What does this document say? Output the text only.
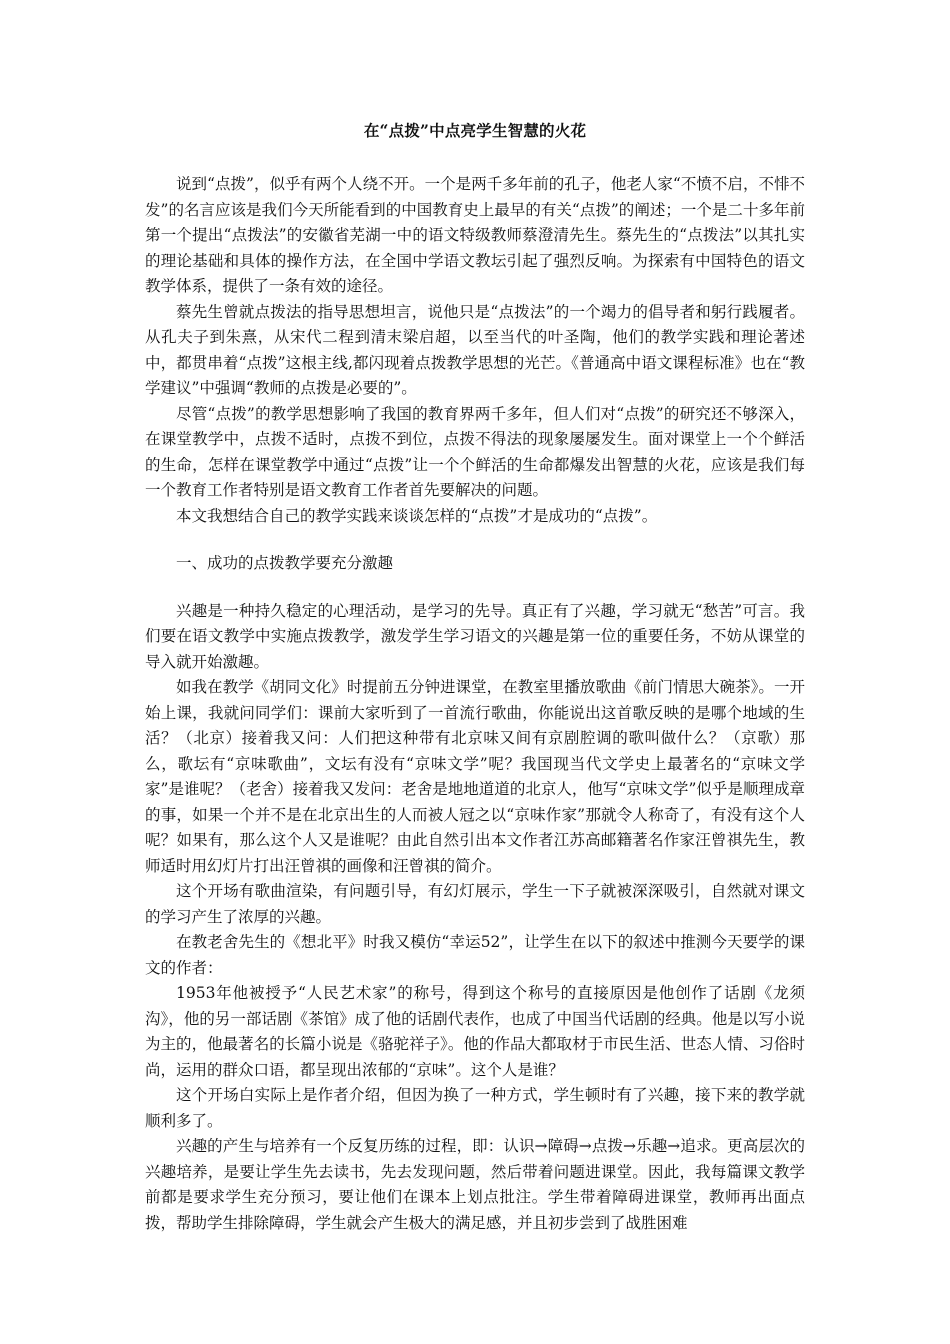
在“点拨”中点亮学生智慧的火花

说到“点拨”，似乎有两个人绕不开。一个是两千多年前的孔子，他老人家“不愤不启，不悱不发”的名言应该是我们今天所能看到的中国教育史上最早的有关“点拨”的阐述；一个是二十多年前第一个提出“点拨法”的安徽省芜湖一中的语文特级教师蔡澄清先生。蔡先生的“点拨法”以其扎实的理论基础和具体的操作方法，在全国中学语文教坛引起了强烈反响。为探索有中国特色的语文教学体系，提供了一条有效的途径。

蔡先生曾就点拨法的指导思想坦言，说他只是“点拨法”的一个竭力的倡导者和躬行践履者。从孔夫子到朱熹，从宋代二程到清末梁启超，以至当代的叶圣陶，他们的教学实践和理论著述中，都贯串着“点拨”这根主线,都闪现着点拨教学思想的光芒。《普通高中语文课程标准》也在“教学建议”中强调“教师的点拨是必要的”。

尽管“点拨”的教学思想影响了我国的教育界两千多年，但人们对“点拨”的研究还不够深入，在课堂教学中，点拨不适时，点拨不到位，点拨不得法的现象屡屡发生。面对课堂上一个个鲜活的生命，怎样在课堂教学中通过“点拨”让一个个鲜活的生命都爆发出智慧的火花，应该是我们每一个教育工作者特别是语文教育工作者首先要解决的问题。

本文我想结合自己的教学实践来谈谈怎样的“点拨”才是成功的“点拨”。

一、成功的点拨教学要充分激趣

兴趣是一种持久稳定的心理活动，是学习的先导。真正有了兴趣，学习就无“愁苦”可言。我们要在语文教学中实施点拨教学，激发学生学习语文的兴趣是第一位的重要任务，不妨从课堂的导入就开始激趣。

如我在教学《胡同文化》时提前五分钟进课堂，在教室里播放歌曲《前门情思大碗茶》。一开始上课，我就问同学们：课前大家听到了一首流行歌曲，你能说出这首歌反映的是哪个地域的生活？（北京）接着我又问：人们把这种带有北京味又间有京剧腔调的歌叫做什么？（京歌）那么，歌坛有“京味歌曲”，文坛有没有“京味文学”呢？我国现当代文学史上最著名的“京味文学家”是谁呢？（老舍）接着我又发问：老舍是地地道道的北京人，他写“京味文学”似乎是顺理成章的事，如果一个并不是在北京出生的人而被人冠之以“京味作家”那就令人称奇了，有没有这个人呢？如果有，那么这个人又是谁呢？由此自然引出本文作者江苏高邮籍著名作家汪曾祺先生，教师适时用幻灯片打出汪曾祺的画像和汪曾祺的简介。

这个开场有歌曲渲染，有问题引导，有幻灯展示，学生一下子就被深深吸引，自然就对课文的学习产生了浓厚的兴趣。

在教老舍先生的《想北平》时我又模仿“幸运52”，让学生在以下的叙述中推测今天要学的课文的作者：

1953年他被授予“人民艺术家”的称号，得到这个称号的直接原因是他创作了话剧《龙须沟》，他的另一部话剧《茶馆》成了他的话剧代表作，也成了中国当代话剧的经典。他是以写小说为主的，他最著名的长篇小说是《骆驼祥子》。他的作品大都取材于市民生活、世态人情、习俗时尚，运用的群众口语，都呈现出浓郁的“京味”。这个人是谁？

这个开场白实际上是作者介绍，但因为换了一种方式，学生顿时有了兴趣，接下来的教学就顺利多了。

兴趣的产生与培养有一个反复历练的过程，即：认识→障碍→点拨→乐趣→追求。更高层次的兴趣培养，是要让学生先去读书，先去发现问题，然后带着问题进课堂。因此，我每篇课文教学前都是要求学生充分预习，要让他们在课本上划点批注。学生带着障碍进课堂，教师再出面点拨，帮助学生排除障碍，学生就会产生极大的满足感，并且初步尝到了战胜困难
